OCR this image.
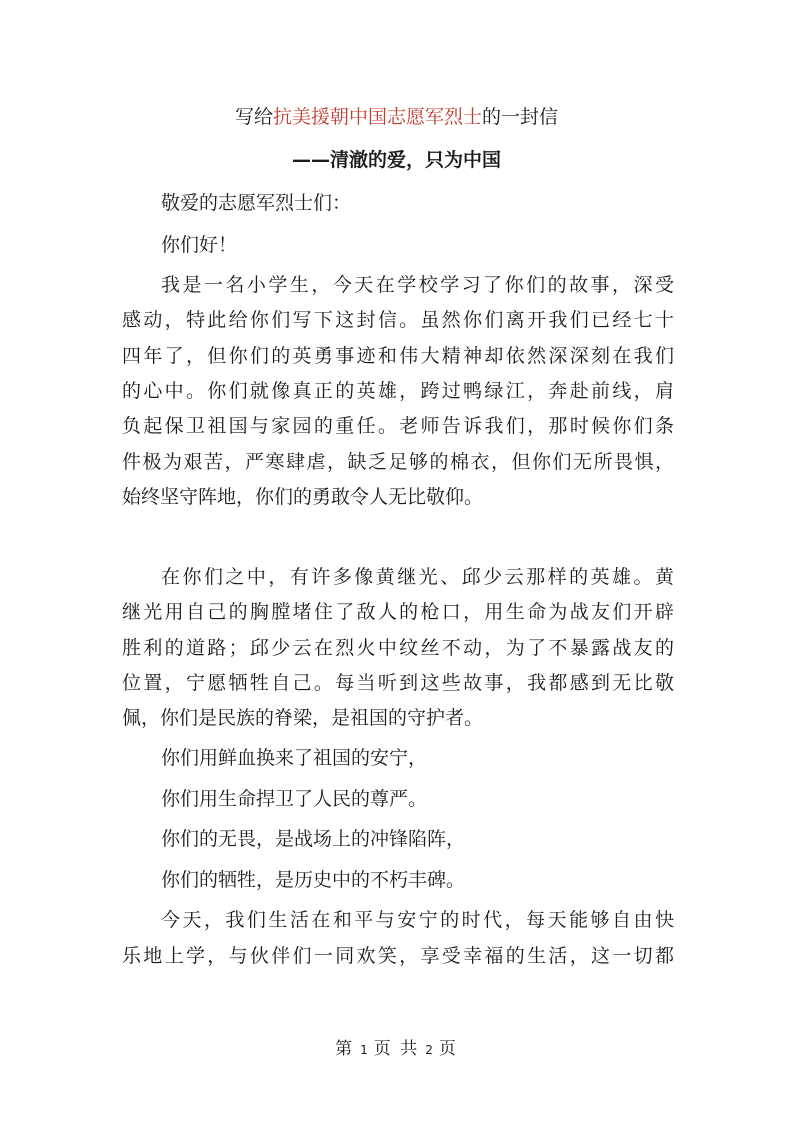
写给抗美援朝中国志愿军烈士的一封信
——清澈的爱，只为中国
敬爱的志愿军烈士们：
你们好！
我是一名小学生，今天在学校学习了你们的故事，深受
感动，特此给你们写下这封信。虽然你们离开我们已经七十
四年了，但你们的英勇事迹和伟大精神却依然深深刻在我们
的心中。你们就像真正的英雄，跨过鸭绿江，奔赴前线，肩
负起保卫祖国与家园的重任。老师告诉我们，那时候你们条
件极为艰苦，严寒肆虐，缺乏足够的棉衣，但你们无所畏惧，
始终坚守阵地，你们的勇敢令人无比敬仰。
在你们之中，有许多像黄继光、邱少云那样的英雄。黄
继光用自己的胸膛堵住了敌人的枪口，用生命为战友们开辟
胜利的道路；邱少云在烈火中纹丝不动，为了不暴露战友的
位置，宁愿牺牲自己。每当听到这些故事，我都感到无比敬
佩，你们是民族的脊梁，是祖国的守护者。
你们用鲜血换来了祖国的安宁，
你们用生命捍卫了人民的尊严。
你们的无畏，是战场上的冲锋陷阵，
你们的牺牲，是历史中的不朽丰碑。
今天，我们生活在和平与安宁的时代，每天能够自由快
乐地上学，与伙伴们一同欢笑，享受幸福的生活，这一切都
第 1 页 共 2 页
